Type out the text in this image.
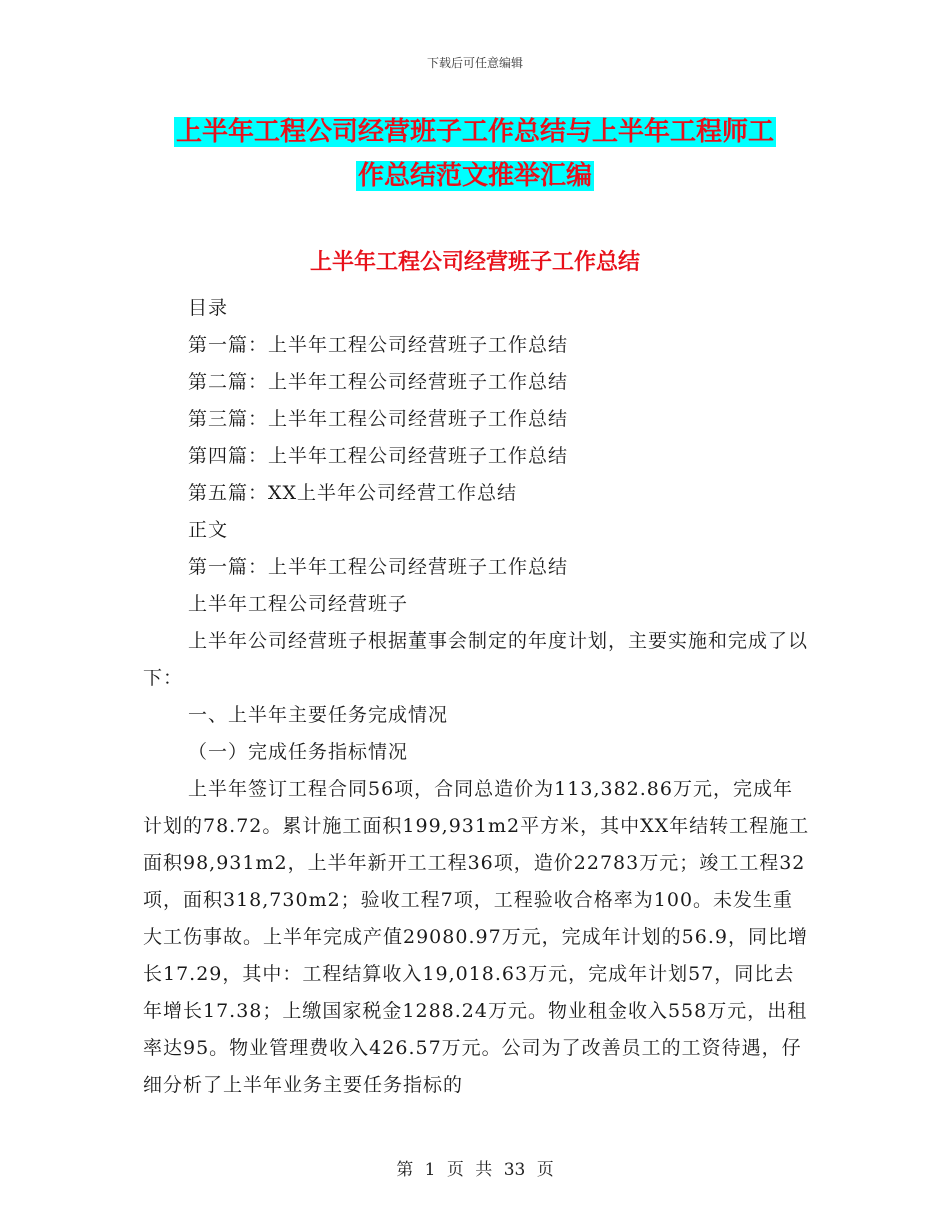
下载后可任意编辑
上半年工程公司经营班子工作总结与上半年工程师工
作总结范文推举汇编
上半年工程公司经营班子工作总结

目录

第一篇：上半年工程公司经营班子工作总结

第二篇：上半年工程公司经营班子工作总结

第三篇：上半年工程公司经营班子工作总结

第四篇：上半年工程公司经营班子工作总结

第五篇：XX上半年公司经营工作总结

正文

第一篇：上半年工程公司经营班子工作总结

上半年工程公司经营班子

上半年公司经营班子根据董事会制定的年度计划，主要实施和完成了以下：

一、上半年主要任务完成情况

（一）完成任务指标情况

上半年签订工程合同56项，合同总造价为113,382.86万元，完成年计划的78.72。累计施工面积199,931m2平方米，其中XX年结转工程施工面积98,931m2，上半年新开工工程36项，造价22783万元；竣工工程32项，面积318,730m2；验收工程7项，工程验收合格率为100。未发生重大工伤事故。上半年完成产值29080.97万元，完成年计划的56.9，同比增长17.29，其中：工程结算收入19,018.63万元，完成年计划57，同比去年增长17.38；上缴国家税金1288.24万元。物业租金收入558万元，出租率达95。物业管理费收入426.57万元。公司为了改善员工的工资待遇，仔细分析了上半年业务主要任务指标的

第 1 页 共 33 页
